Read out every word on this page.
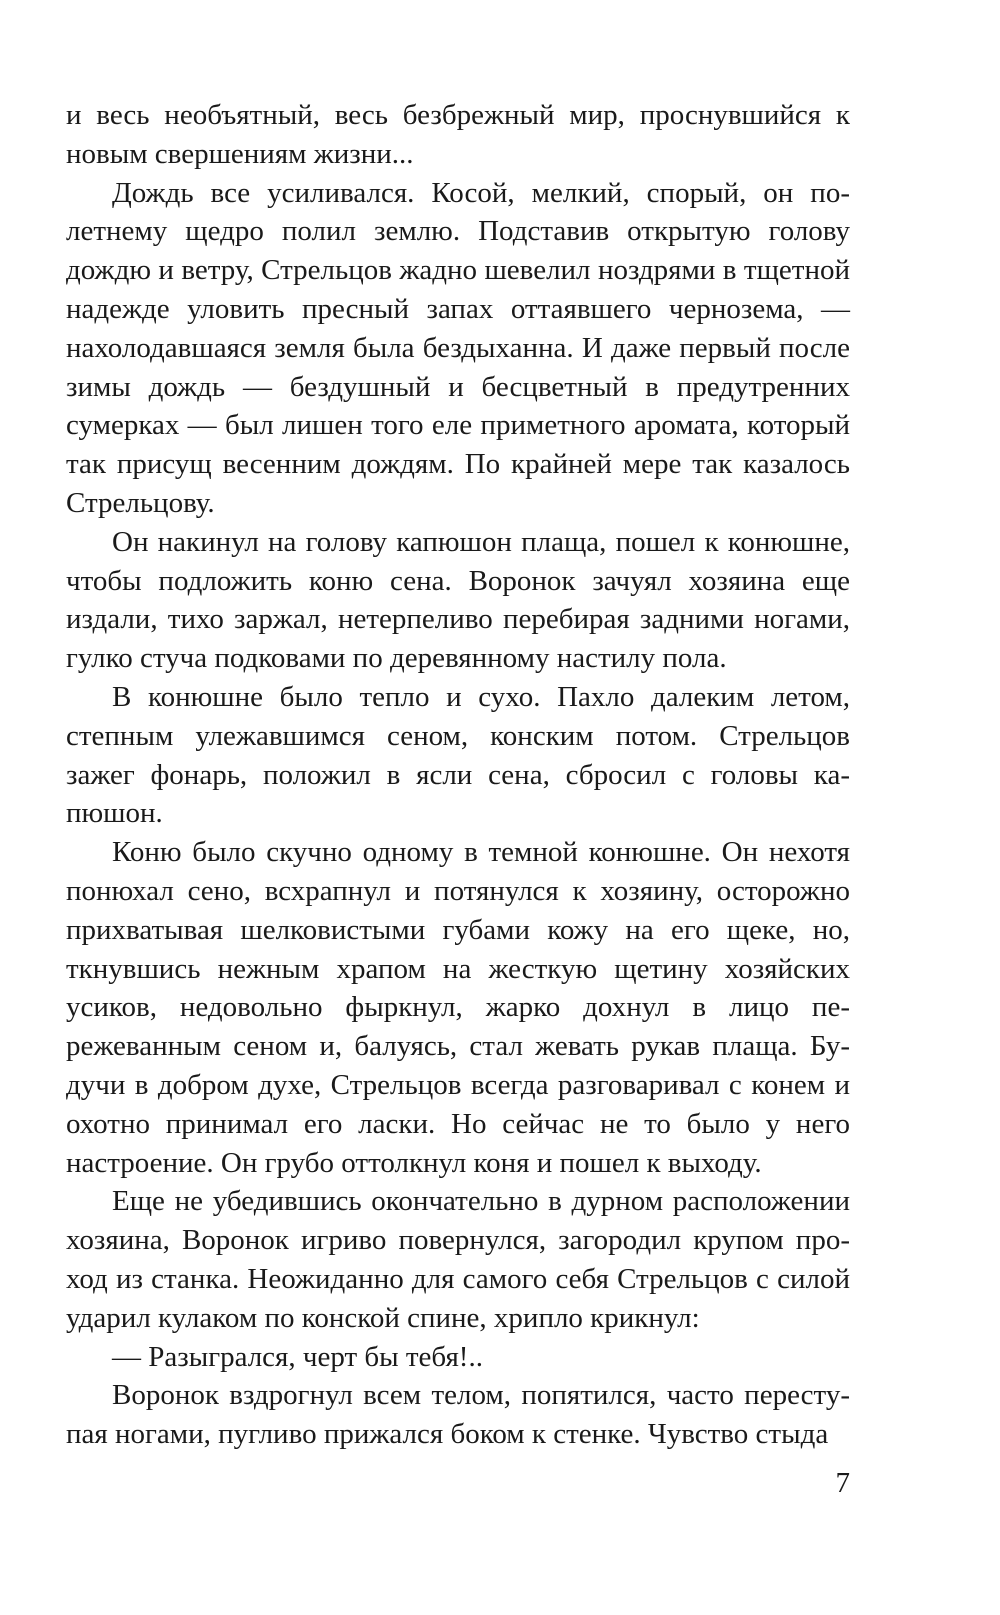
и весь необъятный, весь безбрежный мир, проснувшийся к новым свершениям жизни...

Дождь все усиливался. Косой, мелкий, спорый, он полетнему щедро полил землю. Подставив открытую голову дождю и ветру, Стрельцов жадно шевелил ноздрями в тщетной надежде уловить пресный запах оттаявшего чернозема, — нахолодавшаяся земля была бездыханна. И даже первый после зимы дождь — бездушный и бесцветный в предутренних сумерках — был лишен того еле приметного аромата, который так присущ весенним дождям. По крайней мере так казалось Стрельцову.

Он накинул на голову капюшон плаща, пошел к конюшне, чтобы подложить коню сена. Воронок зачуял хозяина еще издали, тихо заржал, нетерпеливо перебирая задними ногами, гулко стуча подковами по деревянному настилу пола.

В конюшне было тепло и сухо. Пахло далеким летом, степным улежавшимся сеном, конским потом. Стрельцов зажег фонарь, положил в ясли сена, сбросил с головы капюшон.

Коню было скучно одному в темной конюшне. Он нехотя понюхал сено, всхрапнул и потянулся к хозяину, осторожно прихватывая шелковистыми губами кожу на его щеке, но, ткнувшись нежным храпом на жесткую щетину хозяйских усиков, недовольно фыркнул, жарко дохнул в лицо пережеванным сеном и, балуясь, стал жевать рукав плаща. Будучи в добром духе, Стрельцов всегда разговаривал с конем и охотно принимал его ласки. Но сейчас не то было у него настроение. Он грубо оттолкнул коня и пошел к выходу.

Еще не убедившись окончательно в дурном расположении хозяина, Воронок игриво повернулся, загородил крупом проход из станка. Неожиданно для самого себя Стрельцов с силой ударил кулаком по конской спине, хрипло крикнул:

— Разыгрался, черт бы тебя!..

Воронок вздрогнул всем телом, попятился, часто переступая ногами, пугливо прижался боком к стенке. Чувство стыда

7
